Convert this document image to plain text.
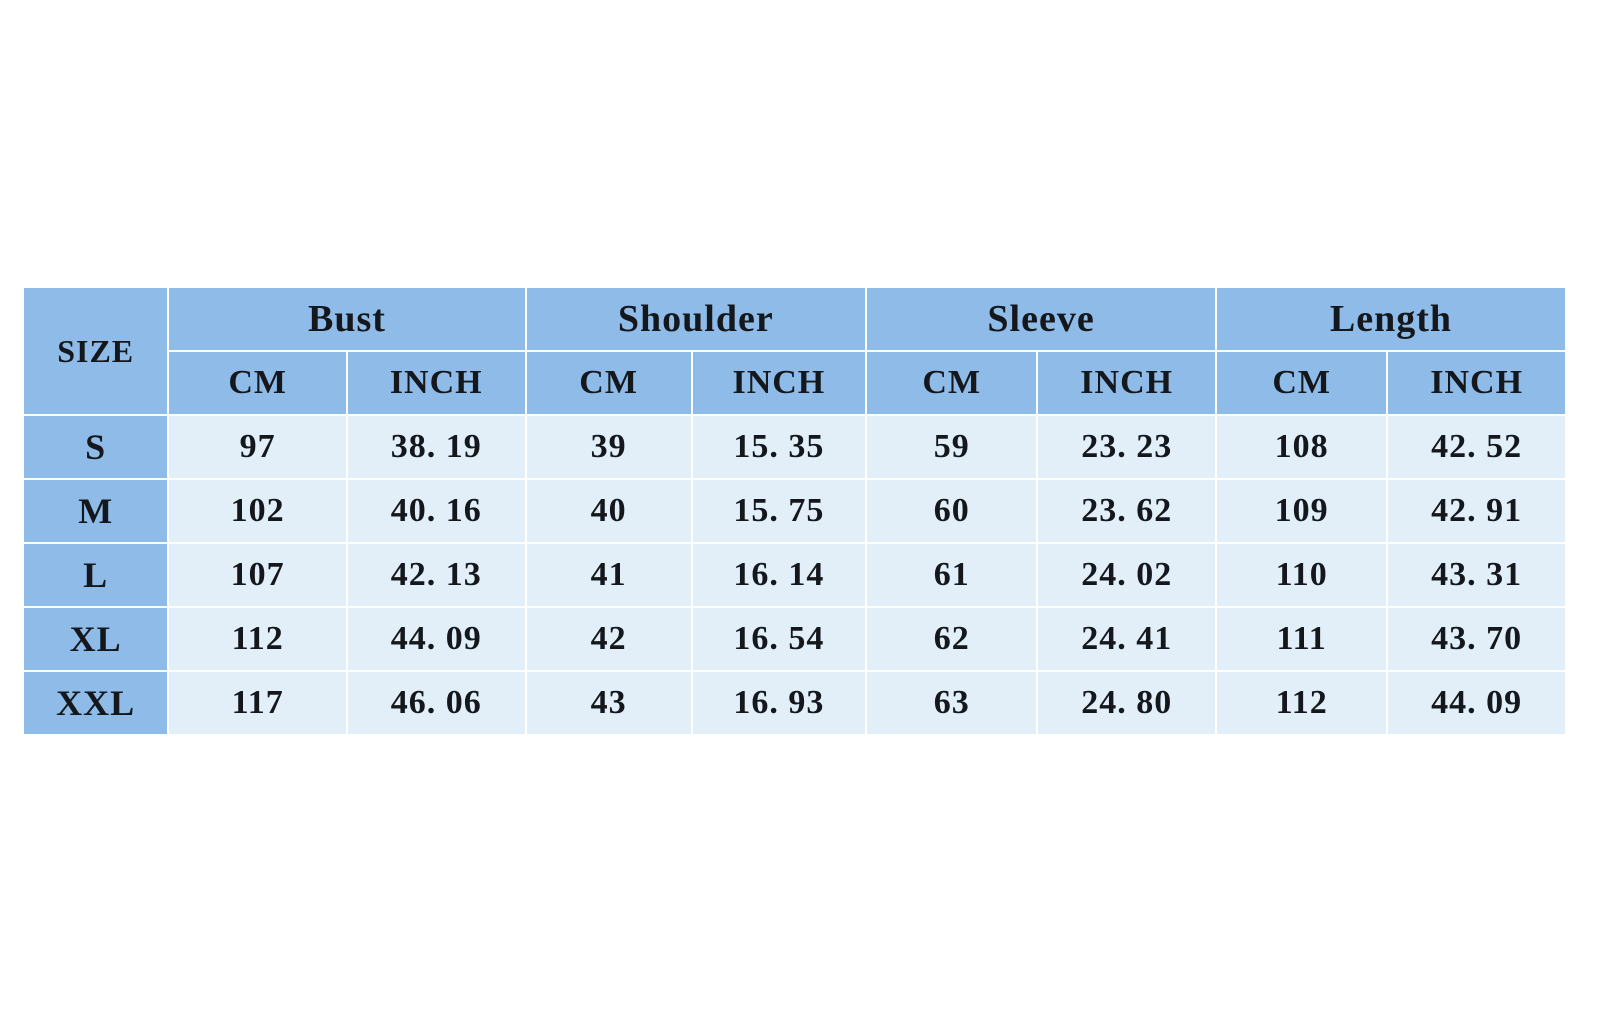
SIZE	Bust		Shoulder		Sleeve		Length	
	CM	INCH	CM	INCH	CM	INCH	CM	INCH
S	97	38. 19	39	15. 35	59	23. 23	108	42. 52
M	102	40. 16	40	15. 75	60	23. 62	109	42. 91
L	107	42. 13	41	16. 14	61	24. 02	110	43. 31
XL	112	44. 09	42	16. 54	62	24. 41	111	43. 70
XXL	117	46. 06	43	16. 93	63	24. 80	112	44. 09
